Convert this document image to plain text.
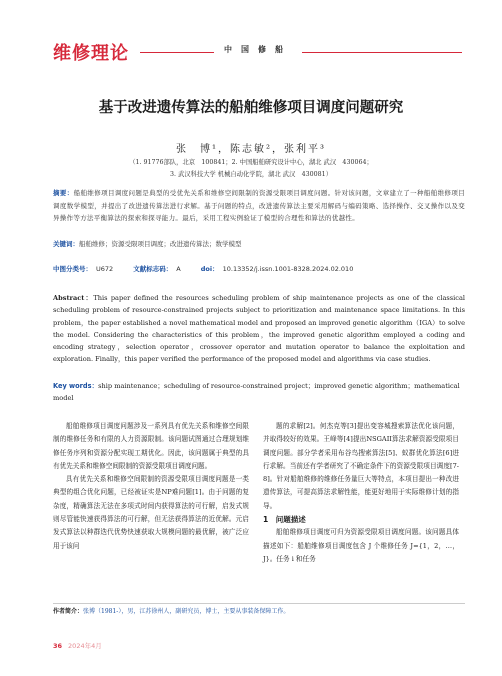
维修理论	中国修船
基于改进遗传算法的船舶维修项目调度问题研究
张　博¹，陈志敏²，张利平³
（1. 91776部队，北京　100841；2. 中国船舶研究设计中心，湖北 武汉　430064；
3. 武汉科技大学 机械自动化学院，湖北 武汉　430081）
摘要：船舶维修项目调度问题是典型的受优先关系和维修空间限制的资源受限项目调度问题。针对该问题，文章建立了一种船舶维修项目调度数学模型，并提出了改进遗传算法进行求解。基于问题的特点，改进遗传算法主要采用解码与编码策略、选择操作、交叉操作以及变异操作等方法平衡算法的探索和探寻能力。最后，采用工程实例验证了模型的合理性和算法的优越性。
关键词：船舶维修；资源受限项目调度；改进遗传算法；数学模型
中图分类号： U672	文献标志码： A	doi： 10.13352/j.issn.1001-8328.2024.02.010
Abstract：This paper defined the resources scheduling problem of ship maintenance projects as one of the classical scheduling problem of resource-constrained projects subject to prioritization and maintenance space limitations. In this problem，the paper established a novel mathematical model and proposed an improved genetic algorithm（IGA）to solve the model. Considering the characteristics of this problem，the improved genetic algorithm employed a coding and encoding strategy，selection operator，crossover operator and mutation operator to balance the exploitation and exploration. Finally，this paper verified the performance of the proposed model and algorithms via case studies.
Key words：ship maintenance；scheduling of resource-constrained project；improved genetic algorithm；mathematical model

船舶维修项目调度问题涉及一系列具有优先关系和维修空间限制的维修任务和有限的人力资源限制。该问题试图通过合理规划维修任务序列和资源分配实现工期优化。因此，该问题属于典型的具有优先关系和维修空间限制的资源受限项目调度问题。

具有优先关系和维修空间限制的资源受限项目调度问题是一类典型的组合优化问题，已经被证实是NP难问题[1]。由于问题的复杂度，精确算法无法在多项式时间内获得算法的可行解，启发式规则尽管能快速获得算法的可行解，但无法获得算法的近优解。元启发式算法以种群迭代优势快速获取大规模问题的最优解，被广泛应用于该问

题的求解[2]。何杰克等[3]提出变容城搜索算法优化该问题，并取得较好的效果。王峰等[4]提出NSGAII算法求解资源受限项目调度问题。部分学者采用布谷鸟搜索算法[5]、蚁群优化算法[6]进行求解。当前还有学者研究了不确定条件下的资源受限项目调度[7-8]。针对船舶维修的维修任务量巨大等特点，本项目提出一种改进遗传算法，可提高算法求解性能，能更好地用于实际维修计划的指导。

1　问题描述

船舶维修项目调度可归为资源受限项目调度问题。该问题具体描述如下：船舶维修项目调度包含 J 个维修任务 J={1，2，…，J}。任务 i 和任务

作者简介：张博（1981-），男，江苏徐州人，副研究员，博士，主要从事装备保障工作。
36 2024年4月
